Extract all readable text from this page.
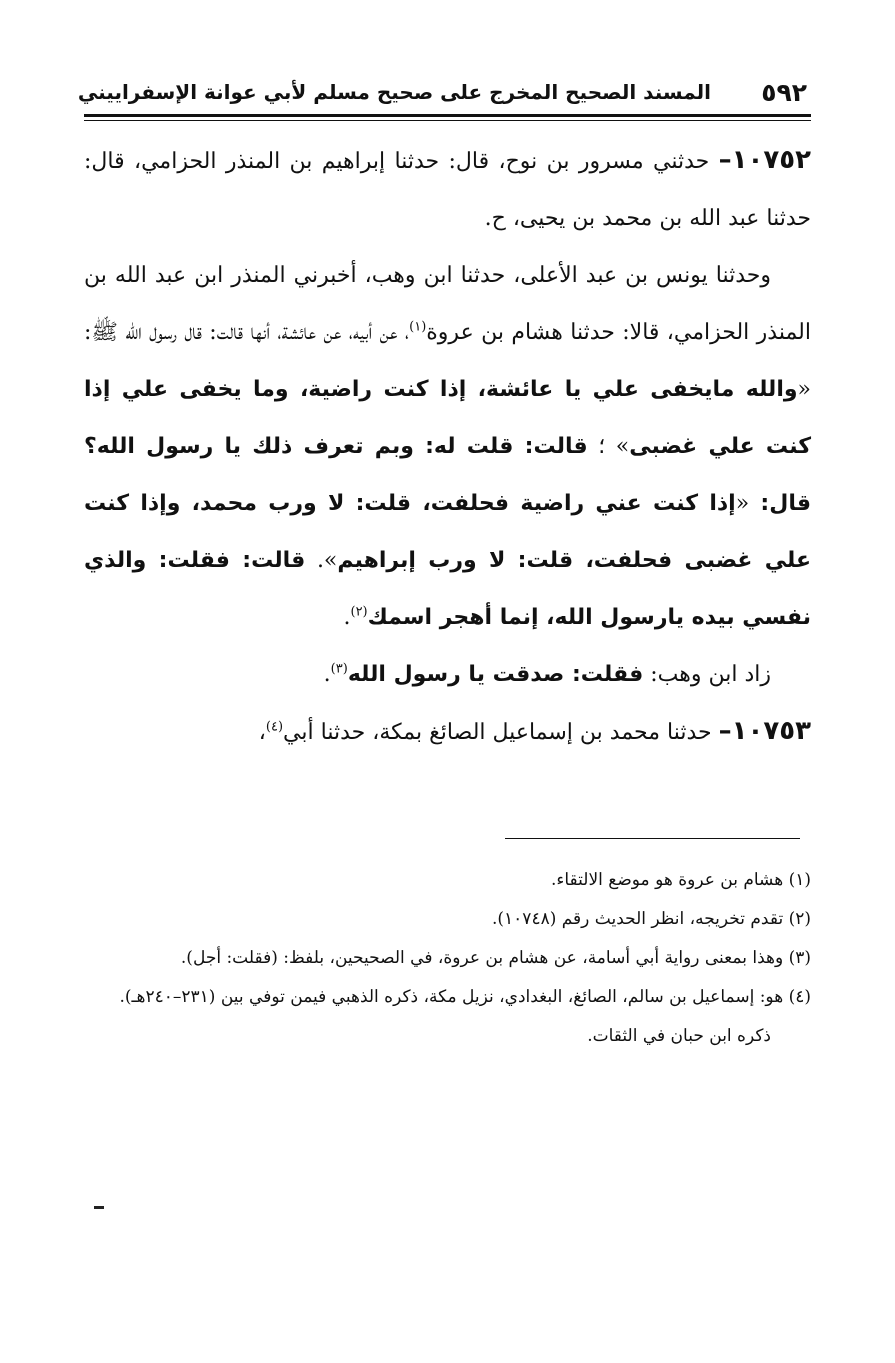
٥٩٢
المسند الصحيح المخرج على صحيح مسلم لأبي عوانة الإسفراييني

١٠٧٥٢– حدثني مسرور بن نوح، قال: حدثنا إبراهيم بن المنذر الحزامي، قال: حدثنا عبد الله بن محمد بن يحيى، ح.

وحدثنا يونس بن عبد الأعلى، حدثنا ابن وهب، أخبرني المنذر ابن عبد الله بن المنذر الحزامي، قالا: حدثنا هشام بن عروة$^{(١)}$، عن أبيه، عن عائشة، أنها قالت: قال رسول الله ﷺ: «والله مايخفى علي يا عائشة، إذا كنت راضية، وما يخفى علي إذا كنت علي غضبى» ؛ قالت: قلت له: وبم تعرف ذلك يا رسول الله؟ قال: «إذا كنت عني راضية فحلفت، قلت: لا ورب محمد، وإذا كنت علي غضبى فحلفت، قلت: لا ورب إبراهيم». قالت: فقلت: والذي نفسي بيده يارسول الله، إنما أهجر اسمك$^{(٢)}$.

زاد ابن وهب: فقلت: صدقت يا رسول الله$^{(٣)}$.

١٠٧٥٣– حدثنا محمد بن إسماعيل الصائغ بمكة، حدثنا أبي$^{(٤)}$،

(١) هشام بن عروة هو موضع الالتقاء.

(٢) تقدم تخريجه، انظر الحديث رقم (١٠٧٤٨).

(٣) وهذا بمعنى رواية أبي أسامة، عن هشام بن عروة، في الصحيحين، بلفظ: (فقلت: أجل).

(٤) هو: إسماعيل بن سالم، الصائغ، البغدادي، نزيل مكة، ذكره الذهبي فيمن توفي بين (٢٣١–٢٤٠هـ).

ذكره ابن حبان في الثقات.
